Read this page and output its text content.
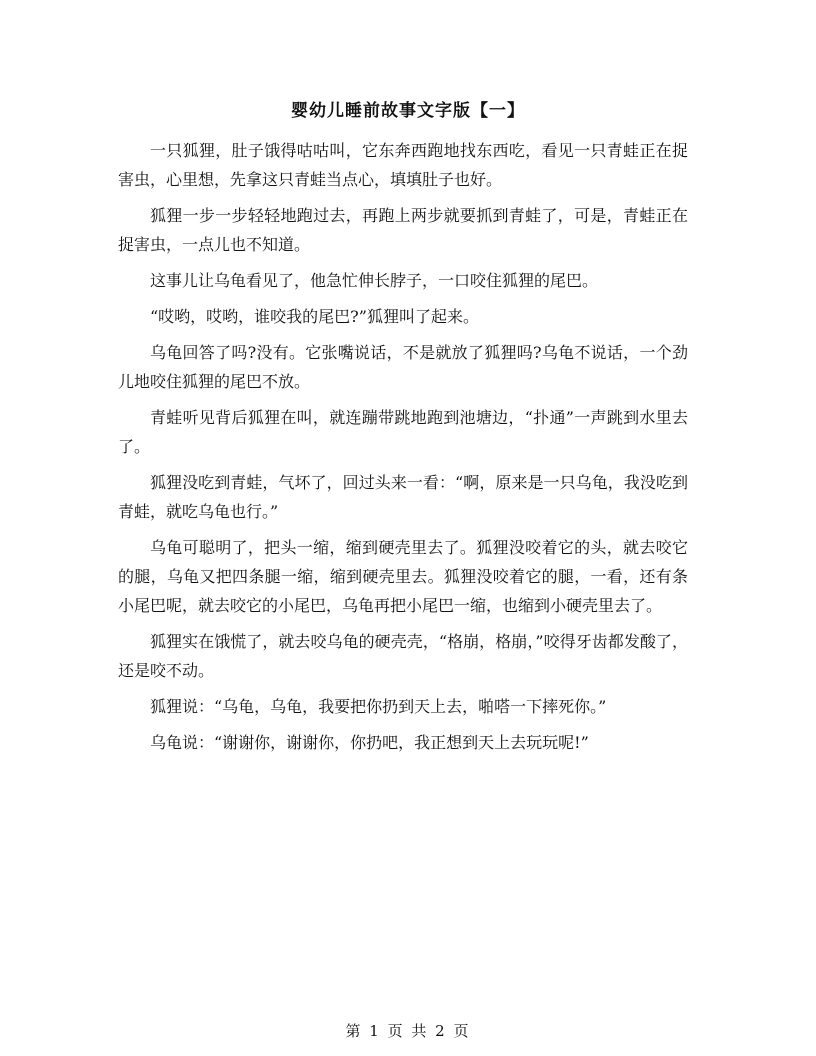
婴幼儿睡前故事文字版【一】

一只狐狸，肚子饿得咕咕叫，它东奔西跑地找东西吃，看见一只青蛙正在捉害虫，心里想，先拿这只青蛙当点心，填填肚子也好。

狐狸一步一步轻轻地跑过去，再跑上两步就要抓到青蛙了，可是，青蛙正在捉害虫，一点儿也不知道。

这事儿让乌龟看见了，他急忙伸长脖子，一口咬住狐狸的尾巴。

“哎哟，哎哟，谁咬我的尾巴?”狐狸叫了起来。

乌龟回答了吗?没有。它张嘴说话，不是就放了狐狸吗?乌龟不说话，一个劲儿地咬住狐狸的尾巴不放。

青蛙听见背后狐狸在叫，就连蹦带跳地跑到池塘边，“扑通”一声跳到水里去了。

狐狸没吃到青蛙，气坏了，回过头来一看：“啊，原来是一只乌龟，我没吃到青蛙，就吃乌龟也行。”

乌龟可聪明了，把头一缩，缩到硬壳里去了。狐狸没咬着它的头，就去咬它的腿，乌龟又把四条腿一缩，缩到硬壳里去。狐狸没咬着它的腿，一看，还有条小尾巴呢，就去咬它的小尾巴，乌龟再把小尾巴一缩，也缩到小硬壳里去了。

狐狸实在饿慌了，就去咬乌龟的硬壳壳，“格崩，格崩，”咬得牙齿都发酸了，还是咬不动。

狐狸说：“乌龟，乌龟，我要把你扔到天上去，啪嗒一下摔死你。”

乌龟说：“谢谢你，谢谢你，你扔吧，我正想到天上去玩玩呢!”

第 1 页 共 2 页
